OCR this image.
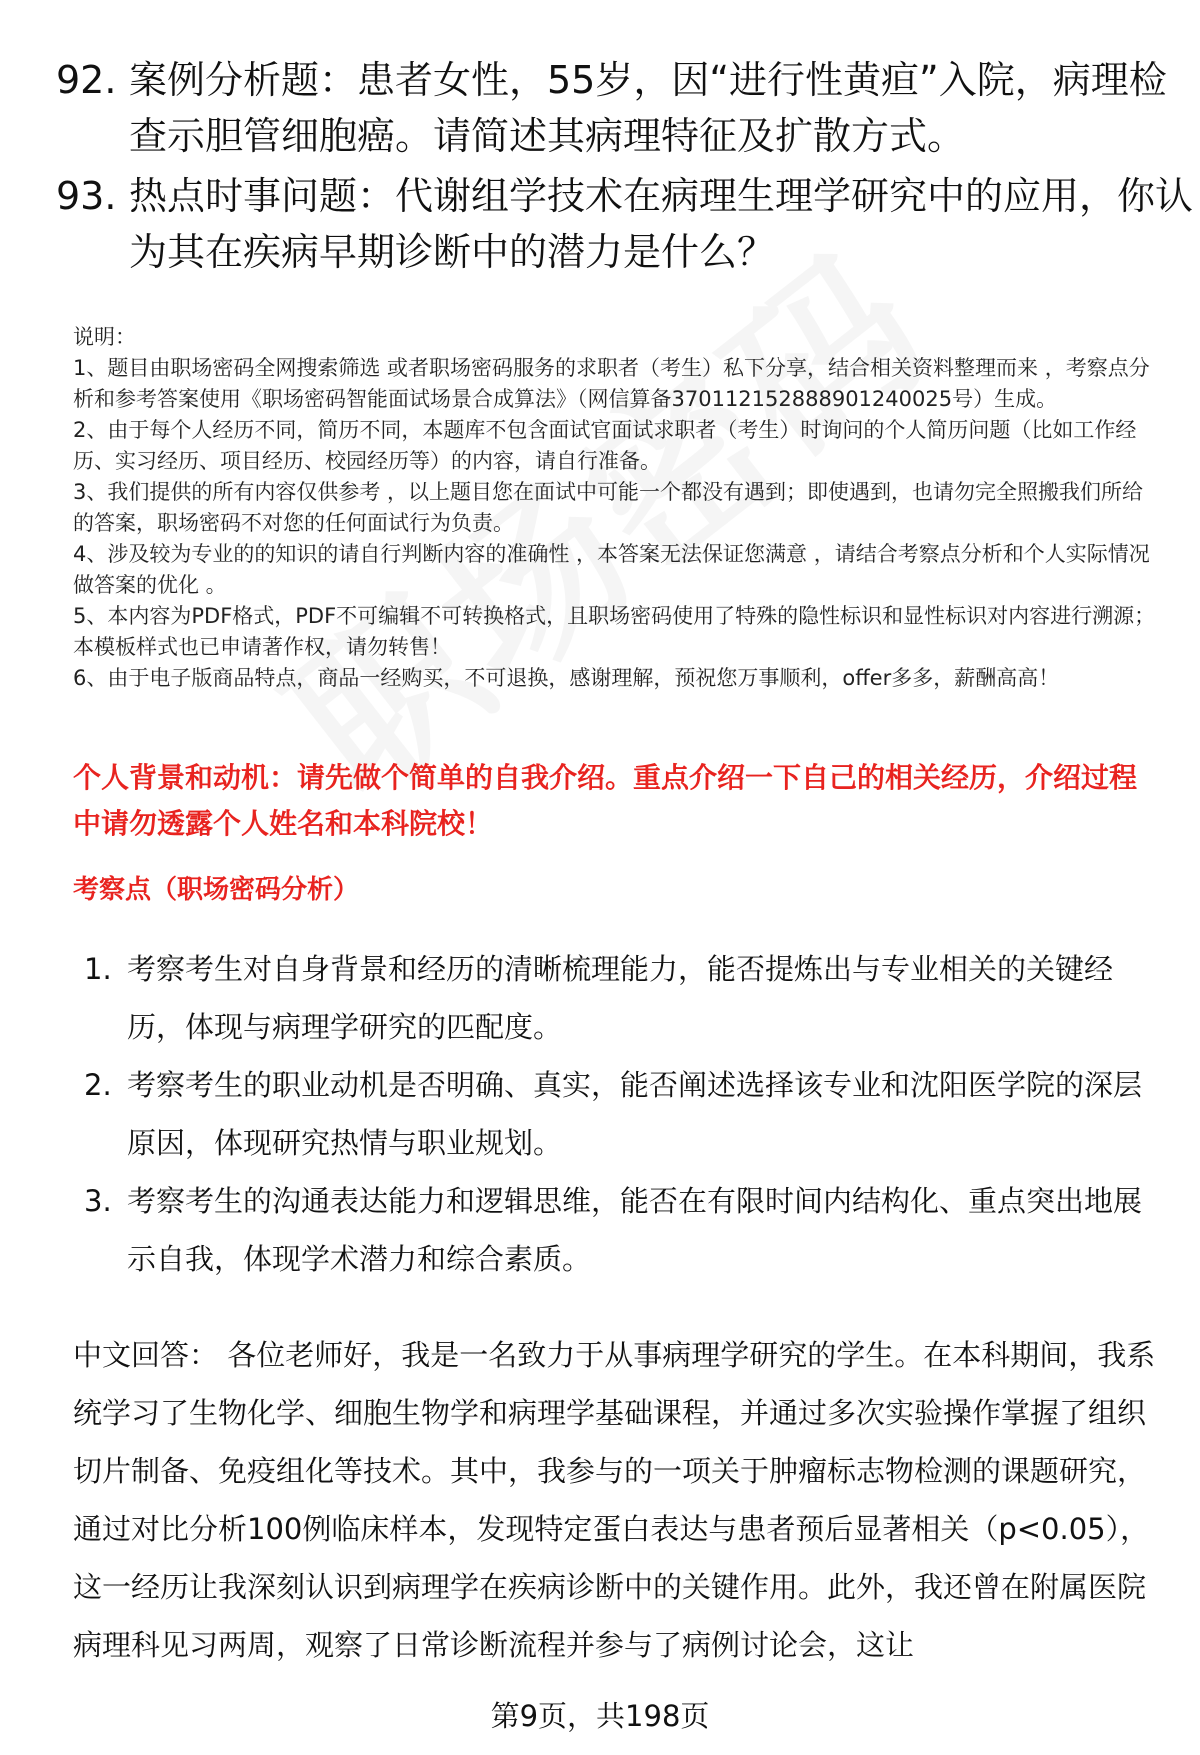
92. 案例分析题：患者女性，55岁，因“进行性黄疸”入院，病理检查示胆管细胞癌。请简述其病理特征及扩散方式。
93. 热点时事问题：代谢组学技术在病理生理学研究中的应用，你认为其在疾病早期诊断中的潜力是什么？

说明：

1、题目由职场密码全网搜索筛选 或者职场密码服务的求职者（考生）私下分享，结合相关资料整理而来 ，考察点分析和参考答案使用《职场密码智能面试场景合成算法》（网信算备370112152888901240025号）生成。

2、由于每个人经历不同，简历不同，本题库不包含面试官面试求职者（考生）时询问的个人简历问题（比如工作经历、实习经历、项目经历、校园经历等）的内容，请自行准备。

3、我们提供的所有内容仅供参考 ，以上题目您在面试中可能一个都没有遇到；即使遇到，也请勿完全照搬我们所给的答案，职场密码不对您的任何面试行为负责。

4、涉及较为专业的的知识的请自行判断内容的准确性 ，本答案无法保证您满意 ，请结合考察点分析和个人实际情况做答案的优化 。

5、本内容为PDF格式，PDF不可编辑不可转换格式，且职场密码使用了特殊的隐性标识和显性标识对内容进行溯源；本模板样式也已申请著作权，请勿转售！

6、由于电子版商品特点，商品一经购买，不可退换，感谢理解，预祝您万事顺利，offer多多，薪酬高高！

个人背景和动机：请先做个简单的自我介绍。重点介绍一下自己的相关经历，介绍过程中请勿透露个人姓名和本科院校！
考察点（职场密码分析）
1. 考察考生对自身背景和经历的清晰梳理能力，能否提炼出与专业相关的关键经历，体现与病理学研究的匹配度。
2. 考察考生的职业动机是否明确、真实，能否阐述选择该专业和沈阳医学院的深层原因，体现研究热情与职业规划。
3. 考察考生的沟通表达能力和逻辑思维，能否在有限时间内结构化、重点突出地展示自我，体现学术潜力和综合素质。
中文回答： 各位老师好，我是一名致力于从事病理学研究的学生。在本科期间，我系统学习了生物化学、细胞生物学和病理学基础课程，并通过多次实验操作掌握了组织切片制备、免疫组化等技术。其中，我参与的一项关于肿瘤标志物检测的课题研究，通过对比分析100例临床样本，发现特定蛋白表达与患者预后显著相关（p<0.05），这一经历让我深刻认识到病理学在疾病诊断中的关键作用。此外，我还曾在附属医院病理科见习两周，观察了日常诊断流程并参与了病例讨论会，这让
第9页，共198页
